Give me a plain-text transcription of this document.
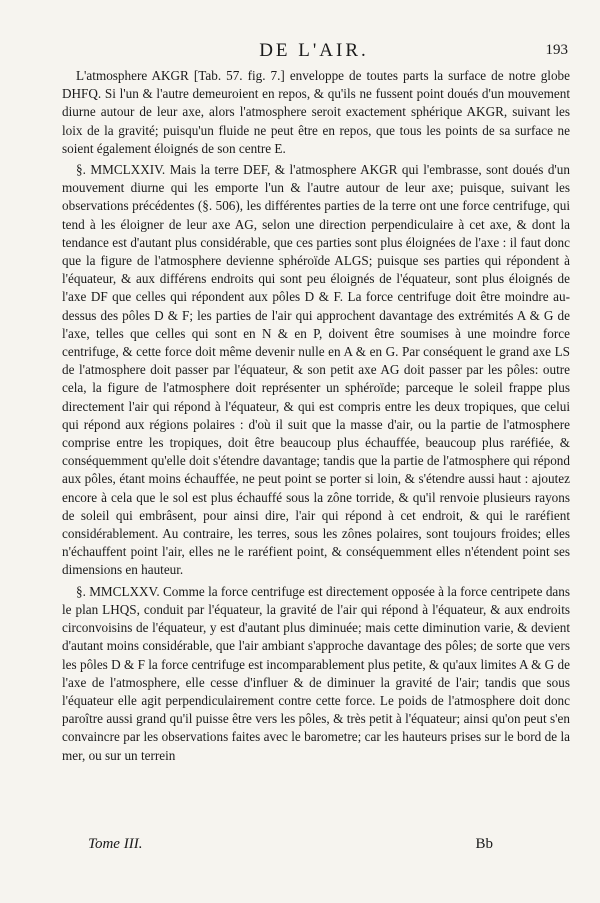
DE L'AIR.	193

L'atmosphere AKGR [Tab. 57. fig. 7.] enveloppe de toutes parts la surface de notre globe DHFQ. Si l'un & l'autre demeuroient en repos, & qu'ils ne fussent point doués d'un mouvement diurne autour de leur axe, alors l'atmosphere seroit exactement sphérique AKGR, suivant les loix de la gravité; puisqu'un fluide ne peut être en repos, que tous les points de sa surface ne soient également éloignés de son centre E.

§. MMCLXXIV. Mais la terre DEF, & l'atmosphere AKGR qui l'embrasse, sont doués d'un mouvement diurne qui les emporte l'un & l'autre autour de leur axe; puisque, suivant les observations précédentes (§. 506), les différentes parties de la terre ont une force centrifuge, qui tend à les éloigner de leur axe AG, selon une direction perpendiculaire à cet axe, & dont la tendance est d'autant plus considérable, que ces parties sont plus éloignées de l'axe : il faut donc que la figure de l'atmosphere devienne sphéroïde ALGS; puisque ses parties qui répondent à l'équateur, & aux différens endroits qui sont peu éloignés de l'équateur, sont plus éloignés de l'axe DF que celles qui répondent aux pôles D & F. La force centrifuge doit être moindre au-dessus des pôles D & F; les parties de l'air qui approchent davantage des extrémités A & G de l'axe, telles que celles qui sont en N & en P, doivent être soumises à une moindre force centrifuge, & cette force doit même devenir nulle en A & en G. Par conséquent le grand axe LS de l'atmosphere doit passer par l'équateur, & son petit axe AG doit passer par les pôles: outre cela, la figure de l'atmosphere doit représenter un sphéroïde; parceque le soleil frappe plus directement l'air qui répond à l'équateur, & qui est compris entre les deux tropiques, que celui qui répond aux régions polaires : d'où il suit que la masse d'air, ou la partie de l'atmosphere comprise entre les tropiques, doit être beaucoup plus échauffée, beaucoup plus raréfiée, & conséquemment qu'elle doit s'étendre davantage; tandis que la partie de l'atmosphere qui répond aux pôles, étant moins échauffée, ne peut point se porter si loin, & s'étendre aussi haut : ajoutez encore à cela que le sol est plus échauffé sous la zône torride, & qu'il renvoie plusieurs rayons de soleil qui embrâsent, pour ainsi dire, l'air qui répond à cet endroit, & qui le raréfient considérablement. Au contraire, les terres, sous les zônes polaires, sont toujours froides; elles n'échauffent point l'air, elles ne le raréfient point, & conséquemment elles n'étendent point ses dimensions en hauteur.

§. MMCLXXV. Comme la force centrifuge est directement opposée à la force centripete dans le plan LHQS, conduit par l'équateur, la gravité de l'air qui répond à l'équateur, & aux endroits circonvoisins de l'équateur, y est d'autant plus diminuée; mais cette diminution varie, & devient d'autant moins considérable, que l'air ambiant s'approche davantage des pôles; de sorte que vers les pôles D & F la force centrifuge est incomparablement plus petite, & qu'aux limites A & G de l'axe de l'atmosphere, elle cesse d'influer & de diminuer la gravité de l'air; tandis que sous l'équateur elle agit perpendiculairement contre cette force. Le poids de l'atmosphere doit donc paroître aussi grand qu'il puisse être vers les pôles, & très petit à l'équateur; ainsi qu'on peut s'en convaincre par les observations faites avec le barometre; car les hauteurs prises sur le bord de la mer, ou sur un terrein

Tome III.	Bb
